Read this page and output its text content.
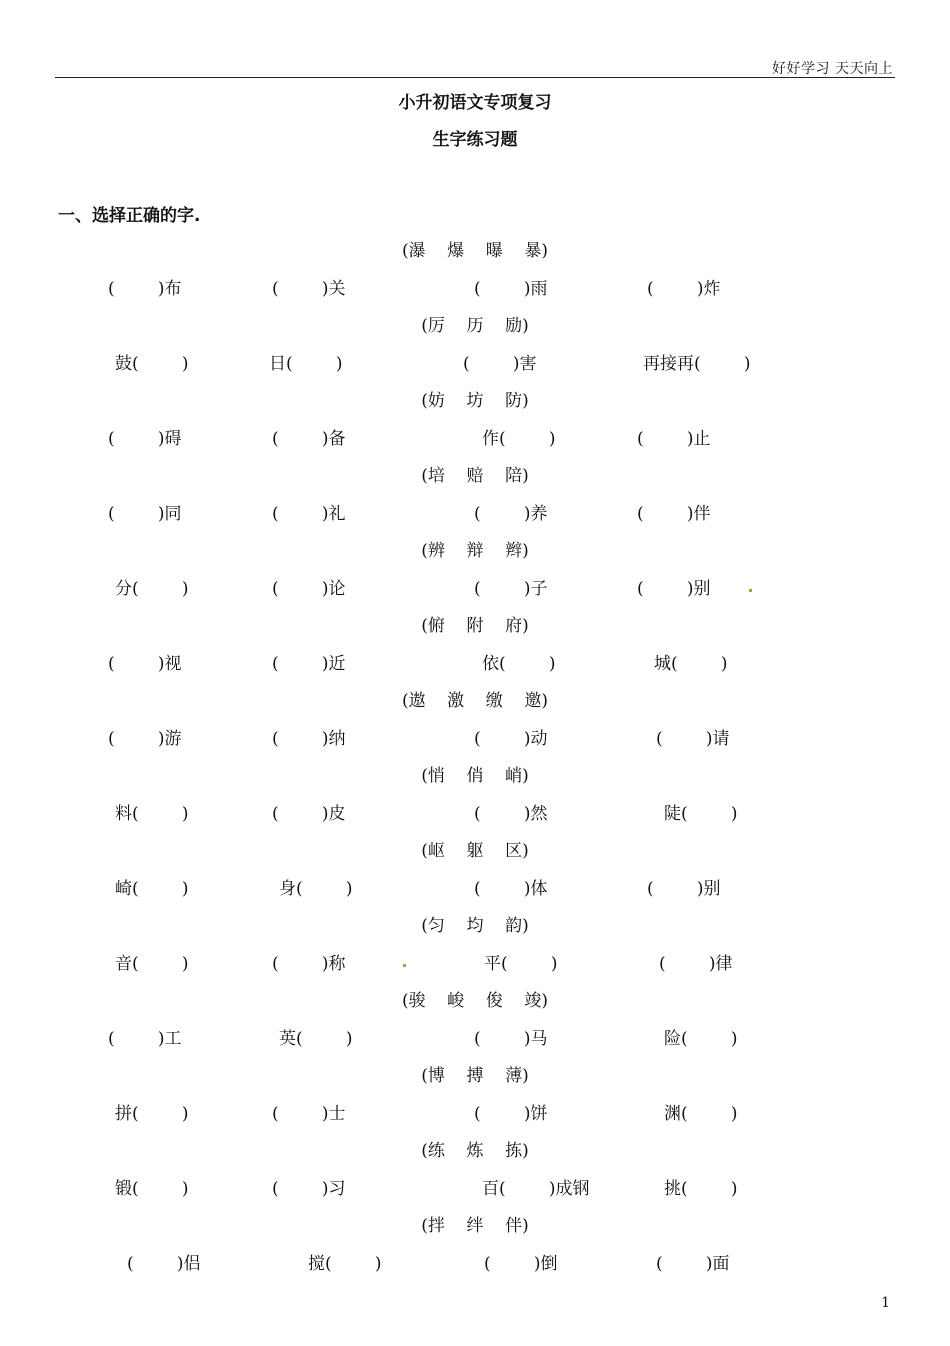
好好学习 天天向上
小升初语文专项复习
生字练习题
一、选择正确的字.
(瀑    爆    曝    暴)
(        )布	(        )关	(        )雨	(        )炸
(厉    历    励)
鼓(        )	日(        )	(        )害	再接再(        )
(妨    坊    防)
(        )碍	(        )备	作(        )	(        )止
(培    赔    陪)
(        )同	(        )礼	(        )养	(        )伴
(辨    辩    辫)
分(        )	(        )论	(        )子	(        )别
(俯    附    府)
(        )视	(        )近	依(        )	城(        )
(遨    激    缴    邀)
(        )游	(        )纳	(        )动	(        )请
(悄    俏    峭)
料(        )	(        )皮	(        )然	陡(        )
(岖    躯    区)
崎(        )	身(        )	(        )体	(        )别
(匀    均    韵)
音(        )	(        )称	平(        )	(        )律
(骏    峻    俊    竣)
(        )工	英(        )	(        )马	险(        )
(博    搏    薄)
拼(        )	(        )士	(        )饼	渊(        )
(练    炼    拣)
锻(        )	(        )习	百(        )成钢	挑(        )
(拌    绊    伴)
(        )侣	搅(        )	(        )倒	(        )面
1
